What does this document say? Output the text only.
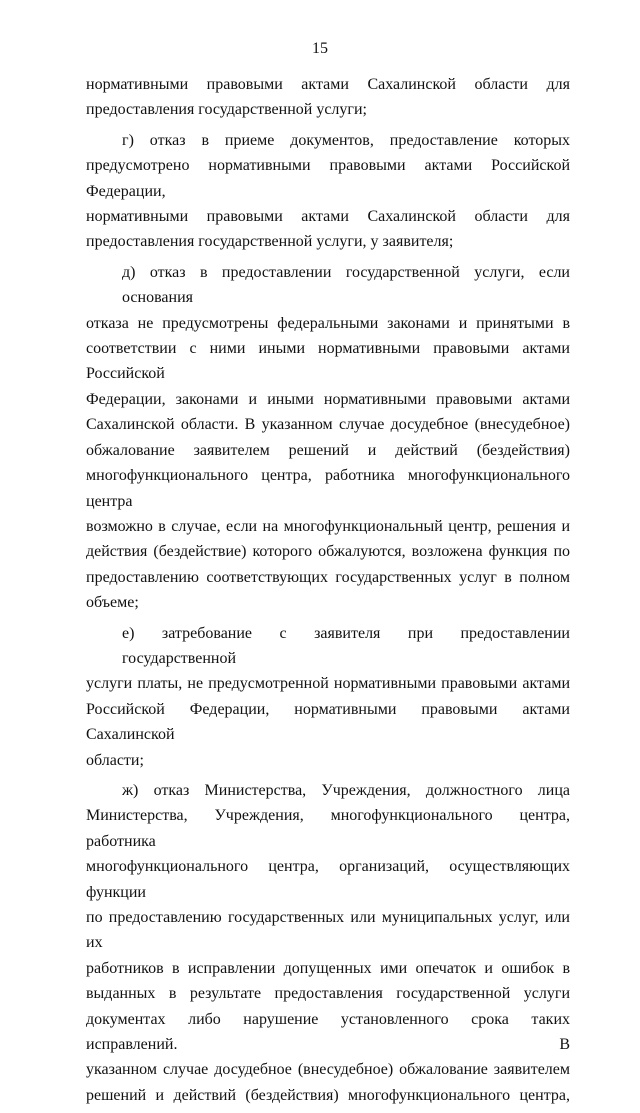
15

нормативными правовыми актами Сахалинской области для
предоставления государственной услуги;

г) отказ в приеме документов, предоставление которых
предусмотрено нормативными правовыми актами Российской Федерации,
нормативными правовыми актами Сахалинской области для
предоставления государственной услуги, у заявителя;

д) отказ в предоставлении государственной услуги, если основания
отказа не предусмотрены федеральными законами и принятыми в
соответствии с ними иными нормативными правовыми актами Российской
Федерации, законами и иными нормативными правовыми актами
Сахалинской области. В указанном случае досудебное (внесудебное)
обжалование заявителем решений и действий (бездействия)
многофункционального центра, работника многофункционального центра
возможно в случае, если на многофункциональный центр, решения и
действия (бездействие) которого обжалуются, возложена функция по
предоставлению соответствующих государственных услуг в полном
объеме;

е) затребование с заявителя при предоставлении государственной
услуги платы, не предусмотренной нормативными правовыми актами
Российской Федерации, нормативными правовыми актами Сахалинской
области;

ж) отказ Министерства, Учреждения, должностного лица
Министерства, Учреждения, многофункционального центра, работника
многофункционального центра, организаций, осуществляющих функции
по предоставлению государственных или муниципальных услуг, или их
работников в исправлении допущенных ими опечаток и ошибок в
выданных в результате предоставления государственной услуги
документах либо нарушение установленного срока таких исправлений. В
указанном случае досудебное (внесудебное) обжалование заявителем
решений и действий (бездействия) многофункционального центра,
